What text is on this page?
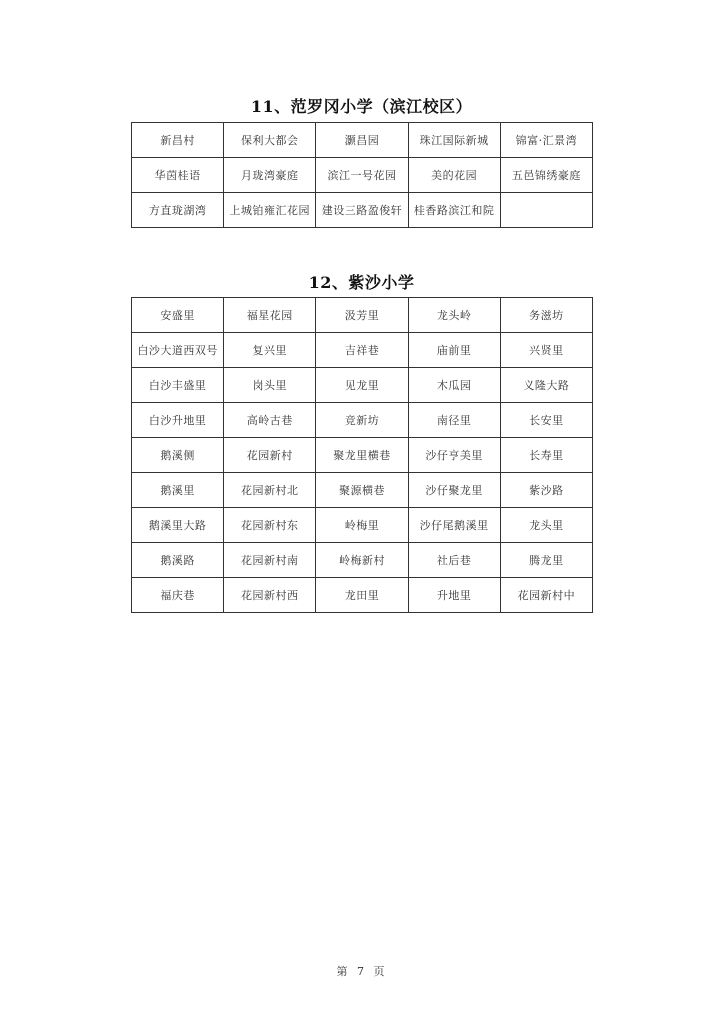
11、范罗冈小学（滨江校区）
新昌村	保利大都会	灏昌园	珠江国际新城	锦富·汇景湾
华茵桂语	月珑湾豪庭	滨江一号花园	美的花园	五邑锦绣豪庭
方直珑湖湾	上城铂雍汇花园	建设三路盈俊轩	桂香路滨江和院	
12、紫沙小学
安盛里	福星花园	汲芳里	龙头岭	务滋坊
白沙大道西双号	复兴里	吉祥巷	庙前里	兴贤里
白沙丰盛里	岗头里	见龙里	木瓜园	义隆大路
白沙升地里	高岭古巷	竞新坊	南径里	长安里
鹅溪侧	花园新村	聚龙里横巷	沙仔亨美里	长寿里
鹅溪里	花园新村北	聚源横巷	沙仔聚龙里	紫沙路
鹅溪里大路	花园新村东	岭梅里	沙仔尾鹅溪里	龙头里
鹅溪路	花园新村南	岭梅新村	社后巷	腾龙里
福庆巷	花园新村西	龙田里	升地里	花园新村中
第 7 页
